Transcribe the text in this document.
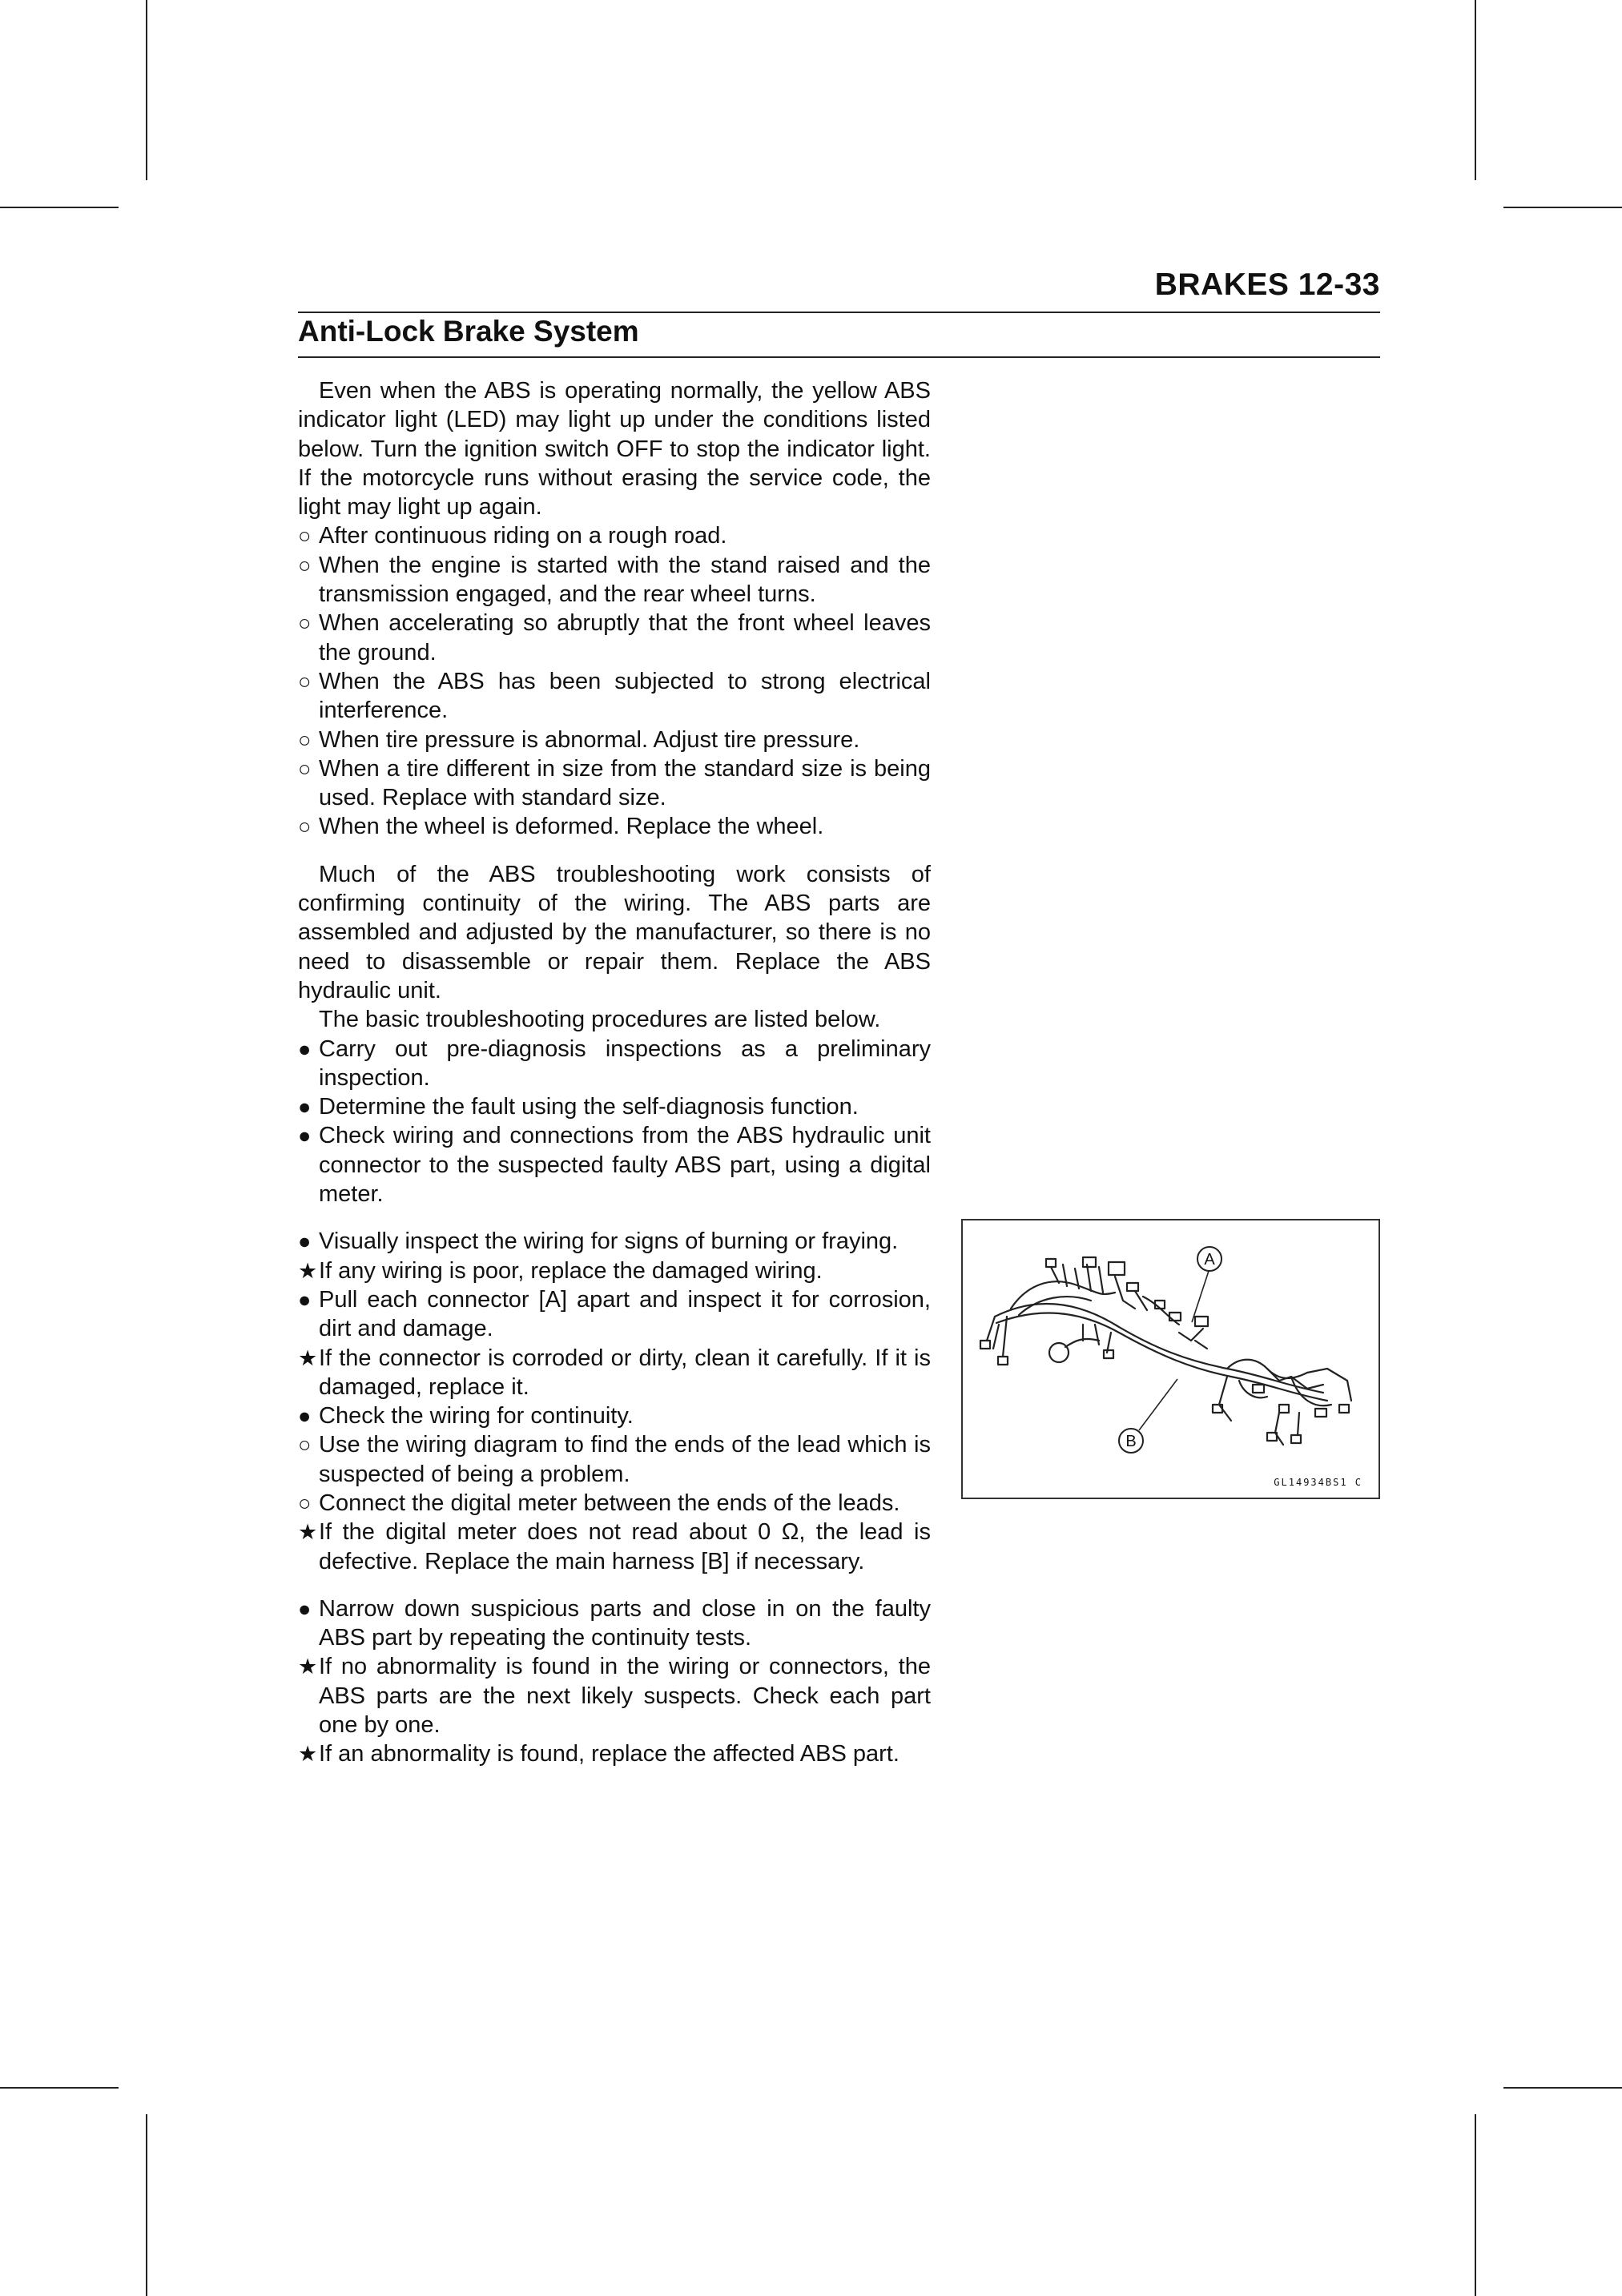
BRAKES 12-33
Anti-Lock Brake System

Even when the ABS is operating normally, the yellow ABS indicator light (LED) may light up under the conditions listed below. Turn the ignition switch OFF to stop the indicator light. If the motorcycle runs without erasing the service code, the light may light up again.

○ After continuous riding on a rough road.
○ When the engine is started with the stand raised and the transmission engaged, and the rear wheel turns.
○ When accelerating so abruptly that the front wheel leaves the ground.
○ When the ABS has been subjected to strong electrical interference.
○ When tire pressure is abnormal. Adjust tire pressure.
○ When a tire different in size from the standard size is being used. Replace with standard size.
○ When the wheel is deformed. Replace the wheel.

Much of the ABS troubleshooting work consists of confirming continuity of the wiring. The ABS parts are assembled and adjusted by the manufacturer, so there is no need to disassemble or repair them. Replace the ABS hydraulic unit.

The basic troubleshooting procedures are listed below.

● Carry out pre-diagnosis inspections as a preliminary inspection.
● Determine the fault using the self-diagnosis function.
● Check wiring and connections from the ABS hydraulic unit connector to the suspected faulty ABS part, using a digital meter.
● Visually inspect the wiring for signs of burning or fraying.
★ If any wiring is poor, replace the damaged wiring.
● Pull each connector [A] apart and inspect it for corrosion, dirt and damage.
★ If the connector is corroded or dirty, clean it carefully. If it is damaged, replace it.
● Check the wiring for continuity.
○ Use the wiring diagram to find the ends of the lead which is suspected of being a problem.
○ Connect the digital meter between the ends of the leads.
★ If the digital meter does not read about 0 Ω, the lead is defective. Replace the main harness [B] if necessary.
● Narrow down suspicious parts and close in on the faulty ABS part by repeating the continuity tests.
★ If no abnormality is found in the wiring or connectors, the ABS parts are the next likely suspects. Check each part one by one.
★ If an abnormality is found, replace the affected ABS part.
A
B
GL14934BS1 C
